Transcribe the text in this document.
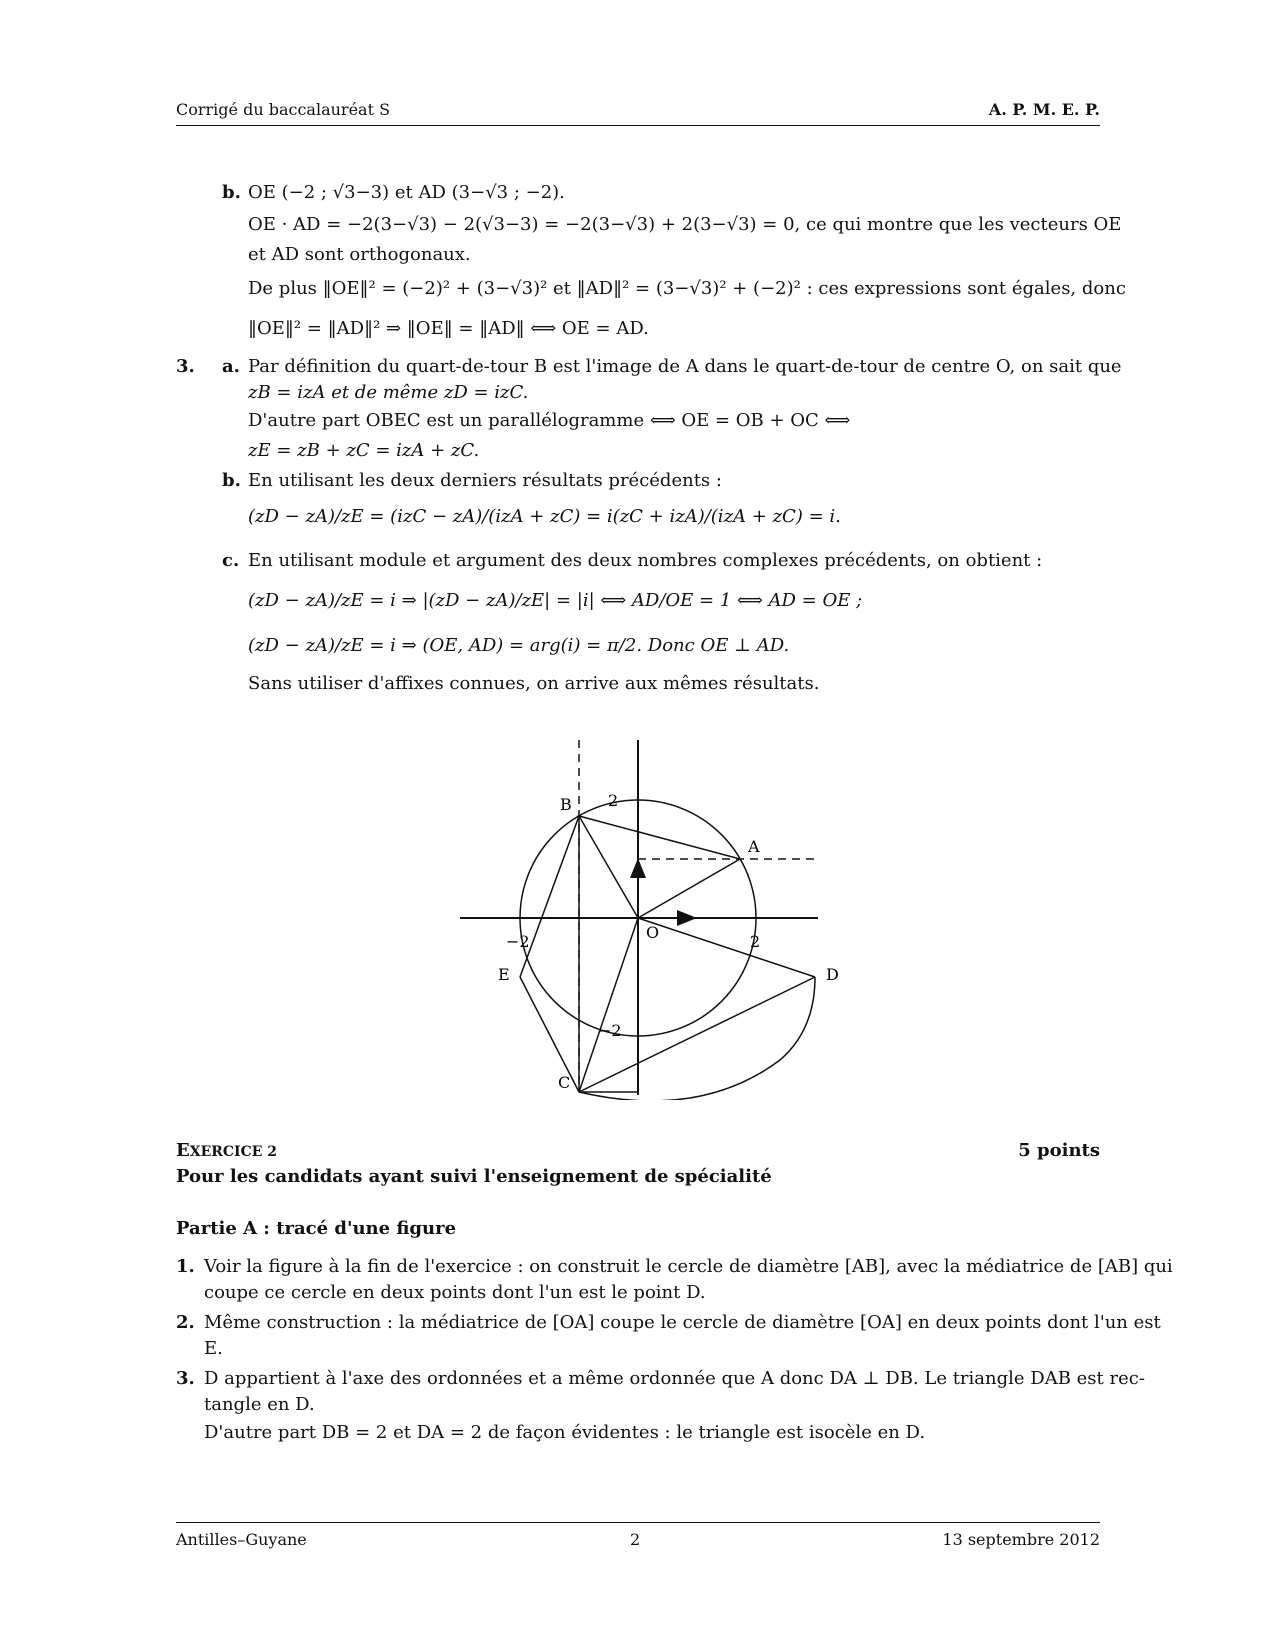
Corrigé du baccalauréat S	A. P. M. E. P.
b. OE (−2 ; √3−3) et AD (3−√3 ; −2).
OE · AD = −2(3−√3) − 2(√3−3) = −2(3−√3) + 2(3−√3) = 0, ce qui montre que les vecteurs OE
et AD sont orthogonaux.
De plus ‖OE‖² = (−2)² + (3−√3)² et ‖AD‖² = (3−√3)² + (−2)² : ces expressions sont égales, donc
‖OE‖² = ‖AD‖² ⇒ ‖OE‖ = ‖AD‖ ⟺ OE = AD.
3. a. Par définition du quart-de-tour B est l'image de A dans le quart-de-tour de centre O, on sait que
zB = izA et de même zD = izC.
D'autre part OBEC est un parallélogramme ⟺ OE = OB + OC ⟺
zE = zB + zC = izA + zC.
b. En utilisant les deux derniers résultats précédents :
(zD − zA)/zE = (izC − zA)/(izA + zC) = i(zC + izA)/(izA + zC) = i.
c. En utilisant module et argument des deux nombres complexes précédents, on obtient :
(zD − zA)/zE = i ⇒ |(zD − zA)/zE| = |i| ⟺ AD/OE = 1 ⟺ AD = OE ;
(zD − zA)/zE = i ⇒ (OE, AD) = arg(i) = π/2. Donc OE ⊥ AD.
Sans utiliser d'affixes connues, on arrive aux mêmes résultats.
B 2
A
O	2
−2
E	D
−2
C
EXERCICE 2	5 points
Pour les candidats ayant suivi l'enseignement de spécialité
Partie A : tracé d'une figure
1. Voir la figure à la fin de l'exercice : on construit le cercle de diamètre [AB], avec la médiatrice de [AB] qui
coupe ce cercle en deux points dont l'un est le point D.
2. Même construction : la médiatrice de [OA] coupe le cercle de diamètre [OA] en deux points dont l'un est
E.
3. D appartient à l'axe des ordonnées et a même ordonnée que A donc DA ⊥ DB. Le triangle DAB est rec-
tangle en D.
D'autre part DB = 2 et DA = 2 de façon évidentes : le triangle est isocèle en D.
Antilles–Guyane	2	13 septembre 2012
